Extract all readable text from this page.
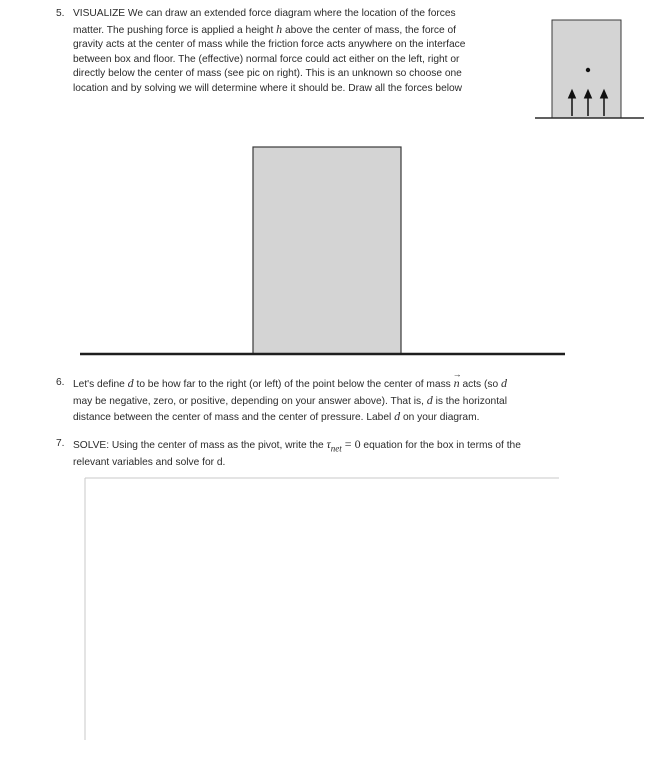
5. VISUALIZE We can draw an extended force diagram where the location of the forces
matter. The pushing force is applied a height h above the center of mass, the force of
gravity acts at the center of mass while the friction force acts anywhere on the interface
between box and floor. The (effective) normal force could act either on the left, right or
directly below the center of mass (see pic on right). This is an unknown so choose one
location and by solving we will determine where it should be. Draw all the forces below
6. Let's define d to be how far to the right (or left) of the point below the center of mass → n acts (so d
may be negative, zero, or positive, depending on your answer above). That is, d is the horizontal
distance between the center of mass and the center of pressure. Label d on your diagram.
7. SOLVE: Using the center of mass as the pivot, write the $\tau_{net} = 0$ equation for the box in terms of the
relevant variables and solve for d.
